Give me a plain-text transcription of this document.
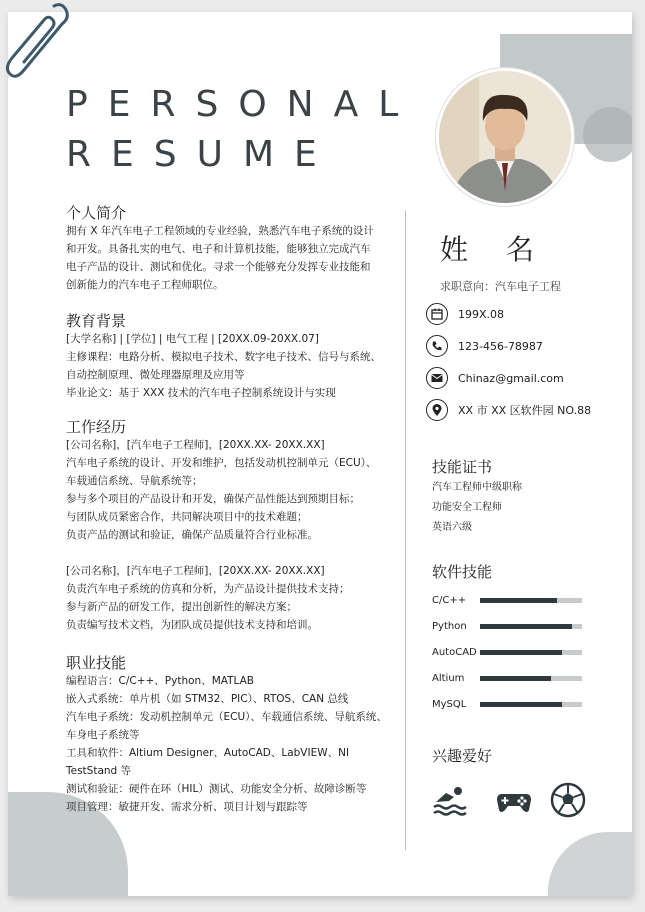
PERSONAL
RESUME
个人简介
拥有 X 年汽车电子工程领域的专业经验，熟悉汽车电子系统的设计
和开发。具备扎实的电气、电子和计算机技能，能够独立完成汽车
电子产品的设计、测试和优化。寻求一个能够充分发挥专业技能和
创新能力的汽车电子工程师职位。
教育背景
[大学名称] | [学位] | 电气工程 | [20XX.09-20XX.07]
主修课程：电路分析、模拟电子技术、数字电子技术、信号与系统、
自动控制原理、微处理器原理及应用等
毕业论文：基于 XXX 技术的汽车电子控制系统设计与实现
工作经历
[公司名称]，[汽车电子工程师]，[20XX.XX- 20XX.XX]
汽车电子系统的设计、开发和维护，包括发动机控制单元（ECU）、
车载通信系统、导航系统等；
参与多个项目的产品设计和开发，确保产品性能达到预期目标；
与团队成员紧密合作，共同解决项目中的技术难题；
负责产品的测试和验证，确保产品质量符合行业标准。
[公司名称]，[汽车电子工程师]，[20XX.XX- 20XX.XX]
负责汽车电子系统的仿真和分析，为产品设计提供技术支持；
参与新产品的研发工作，提出创新性的解决方案；
负责编写技术文档，为团队成员提供技术支持和培训。
职业技能
编程语言：C/C++、Python、MATLAB
嵌入式系统：单片机（如 STM32、PIC）、RTOS、CAN 总线
汽车电子系统：发动机控制单元（ECU）、车载通信系统、导航系统、
车身电子系统等
工具和软件：Altium Designer、AutoCAD、LabVIEW、NI
TestStand 等
测试和验证：硬件在环（HIL）测试、功能安全分析、故障诊断等
项目管理：敏捷开发、需求分析、项目计划与跟踪等
姓名
求职意向：汽车电子工程
199X.08
123-456-78987
Chinaz@gmail.com
XX 市 XX 区软件园 NO.88
技能证书
汽车工程师中级职称
功能安全工程师
英语六级
软件技能
C/C++
Python
AutoCAD
Altium
MySQL
兴趣爱好
